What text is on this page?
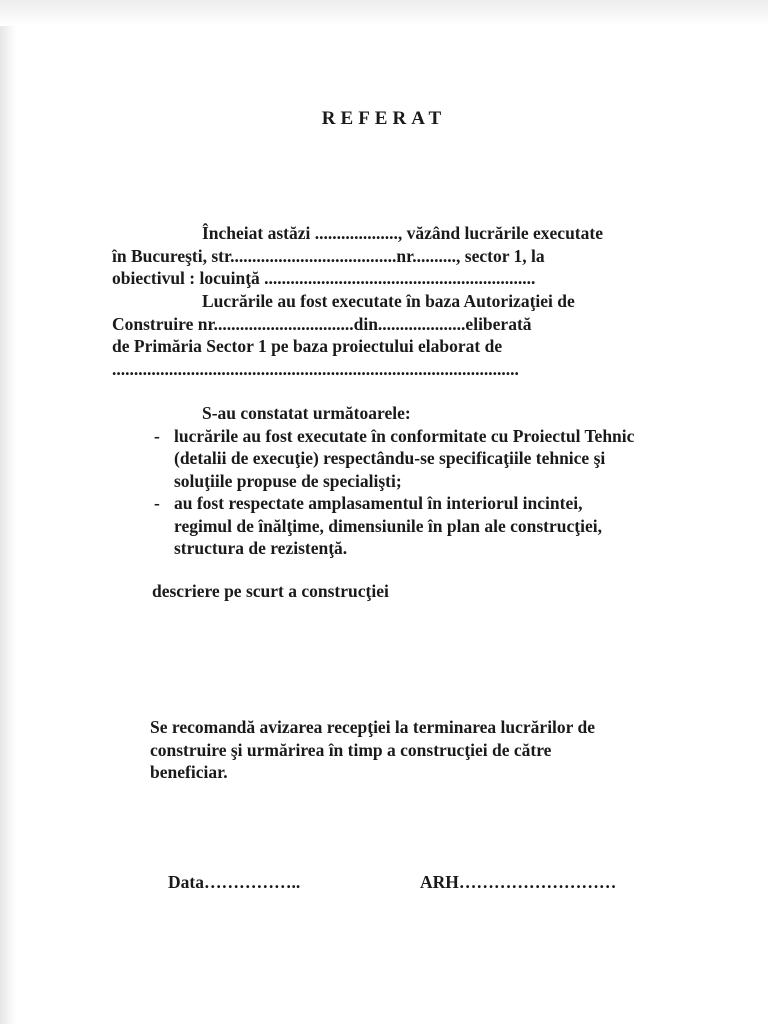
REFERAT
Încheiat astăzi ..................., văzând lucrările executate
în Bucureşti, str......................................nr.........., sector 1, la
obiectivul : locuinţă ..............................................................
Lucrările au fost executate în baza Autorizaţiei de
Construire nr................................din....................eliberată
de Primăria Sector 1 pe baza proiectului elaborat de
.............................................................................................
S-au constatat următoarele:
- lucrările au fost executate în conformitate cu Proiectul Tehnic
(detalii de execuţie) respectându-se specificaţiile tehnice şi
soluţiile propuse de specialişti;
- au fost respectate amplasamentul în interiorul incintei,
regimul de înălţime, dimensiunile în plan ale construcţiei,
structura de rezistenţă.
descriere pe scurt a construcţiei
Se recomandă avizarea recepţiei la terminarea lucrărilor de
construire şi urmărirea în timp a construcţiei de către
beneficiar.
Data……………..	ARH………………………
